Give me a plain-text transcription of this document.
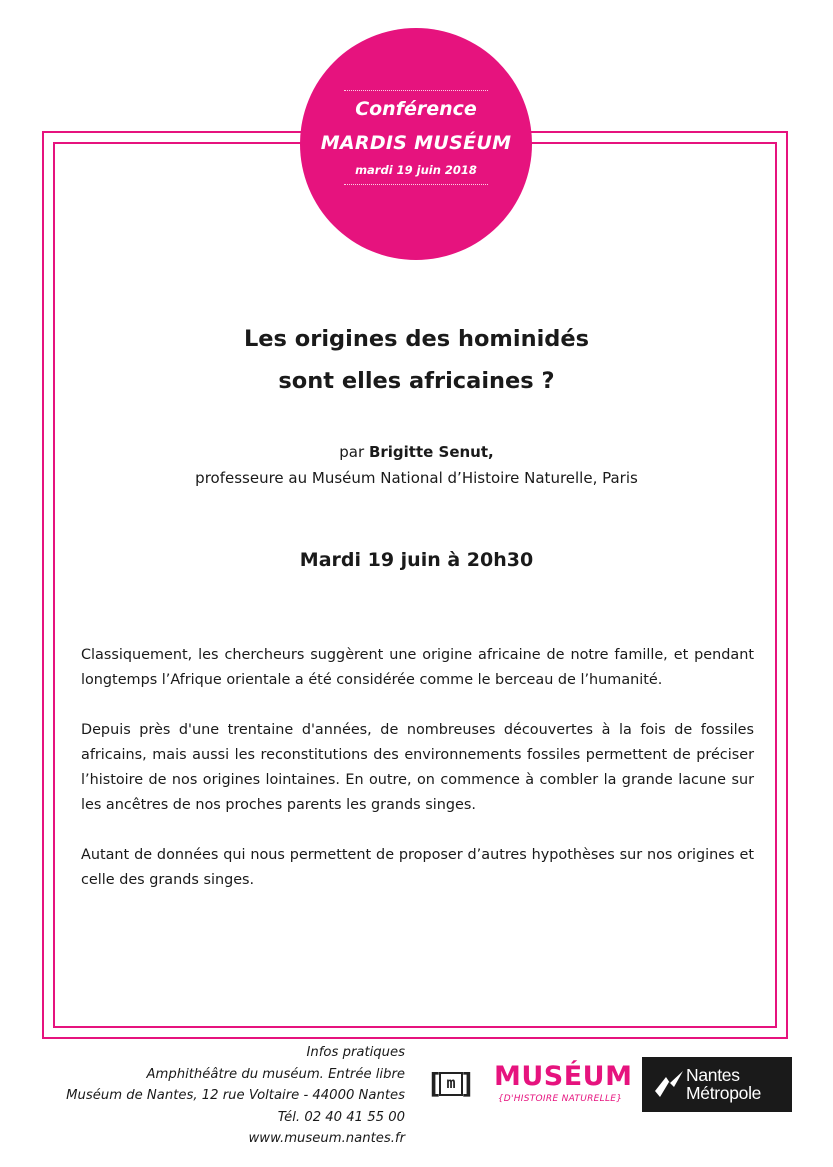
Conférence
MARDIS MUSÉUM
mardi 19 juin 2018
Les origines des hominidés
sont elles africaines ?
par Brigitte Senut,
professeure au Muséum National d’Histoire Naturelle, Paris
Mardi 19 juin à 20h30

Classiquement, les chercheurs suggèrent une origine africaine de notre famille, et pendant longtemps l’Afrique orientale a été considérée comme le berceau de l’humanité.

Depuis près d'une trentaine d'années, de nombreuses découvertes à la fois de fossiles africains, mais aussi les reconstitutions des environnements fossiles permettent de préciser l’histoire de nos origines lointaines. En outre, on commence à combler la grande lacune sur les ancêtres de nos proches parents les grands singes.

Autant de données qui nous permettent de proposer d’autres hypothèses sur nos origines et celle des grands singes.

Infos pratiques
Amphithéâtre du muséum. Entrée libre
Muséum de Nantes, 12 rue Voltaire - 44000 Nantes
Tél. 02 40 41 55 00
www.museum.nantes.fr
[ m ] MUSÉUM
{D'HISTOIRE NATURELLE}
Nantes
Métropole
